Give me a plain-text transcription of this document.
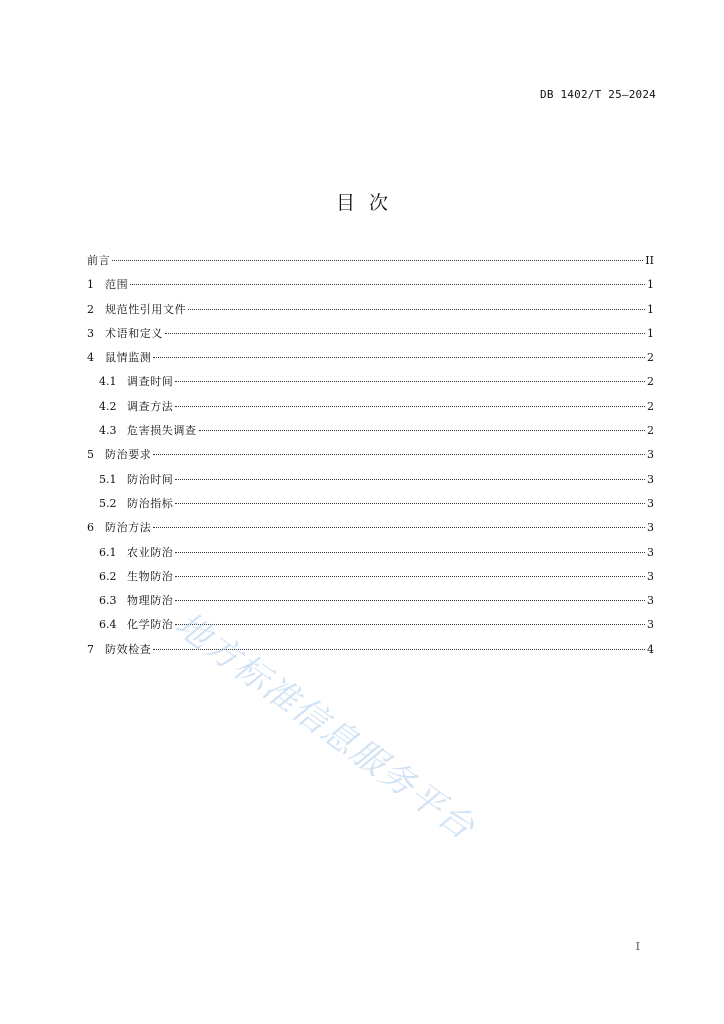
DB 1402/T 25—2024
目次
前言	II
1	范围	1
2	规范性引用文件	1
3	术语和定义	1
4	鼠情监测	2
4.1 调查时间	2
4.2 调查方法	2
4.3 危害损失调查	2
5	防治要求	3
5.1 防治时间	3
5.2 防治指标	3
6	防治方法	3
6.1 农业防治	3
6.2 生物防治	3
6.3 物理防治	3
6.4 化学防治	3
7	防效检查	4
地方标准信息服务平台
I
